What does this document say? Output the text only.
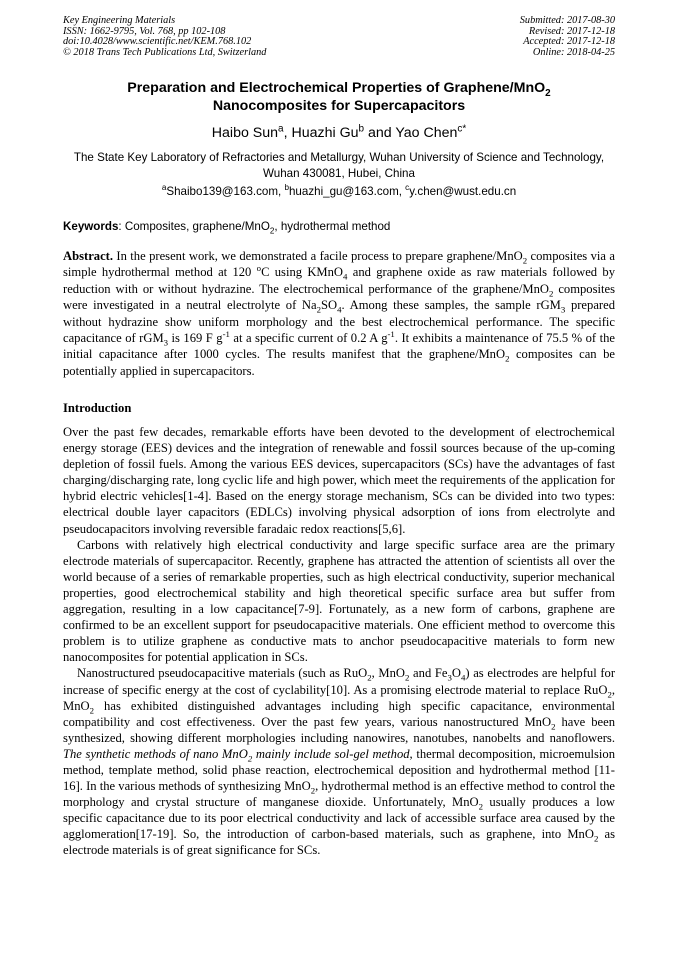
Key Engineering Materials
ISSN: 1662-9795, Vol. 768, pp 102-108
doi:10.4028/www.scientific.net/KEM.768.102
© 2018 Trans Tech Publications Ltd, Switzerland
Submitted: 2017-08-30
Revised: 2017-12-18
Accepted: 2017-12-18
Online: 2018-04-25
Preparation and Electrochemical Properties of Graphene/MnO$_2$
Nanocomposites for Supercapacitors
Haibo Sun$^a$, Huazhi Gu$^b$ and Yao Chen$^{c*}$
The State Key Laboratory of Refractories and Metallurgy, Wuhan University of Science and Technology, Wuhan 430081, Hubei, China
$^a$Shaibo139@163.com, $^b$huazhi_gu@163.com, $^c$y.chen@wust.edu.cn
Keywords: Composites, graphene/MnO$_2$, hydrothermal method
Abstract. In the present work, we demonstrated a facile process to prepare graphene/MnO$_2$ composites via a simple hydrothermal method at 120 $^o$C using KMnO$_4$ and graphene oxide as raw materials followed by reduction with or without hydrazine. The electrochemical performance of the graphene/MnO$_2$ composites were investigated in a neutral electrolyte of $Na_2SO_4$. Among these samples, the sample rGM$_3$ prepared without hydrazine show uniform morphology and the best electrochemical performance. The specific capacitance of rGM$_3$ is 169 F $g^{-1}$ at a specific current of 0.2 A $g^{-1}$. It exhibits a maintenance of 75.5 % of the initial capacitance after 1000 cycles. The results manifest that the graphene/MnO$_2$ composites can be potentially applied in supercapacitors.
Introduction

Over the past few decades, remarkable efforts have been devoted to the development of electrochemical energy storage (EES) devices and the integration of renewable and fossil sources because of the up-coming depletion of fossil fuels. Among the various EES devices, supercapacitors (SCs) have the advantages of fast charging/discharging rate, long cyclic life and high power, which meet the requirements of the application for hybrid electric vehicles[1-4]. Based on the energy storage mechanism, SCs can be divided into two types: electrical double layer capacitors (EDLCs) involving physical adsorption of ions from electrolyte and pseudocapacitors involving reversible faradaic redox reactions[5,6].

Carbons with relatively high electrical conductivity and large specific surface area are the primary electrode materials of supercapacitor. Recently, graphene has attracted the attention of scientists all over the world because of a series of remarkable properties, such as high electrical conductivity, superior mechanical properties, good electrochemical stability and high theoretical specific surface area but suffer from aggregation, resulting in a low capacitance[7-9]. Fortunately, as a new form of carbons, graphene are confirmed to be an excellent support for pseudocapacitive materials. One efficient method to overcome this problem is to utilize graphene as conductive mats to anchor pseudocapacitive materials to form new nanocomposites for potential application in SCs.

Nanostructured pseudocapacitive materials (such as RuO$_2$, MnO$_2$ and $Fe_3O_4$) as electrodes are helpful for increase of specific energy at the cost of cyclability[10]. As a promising electrode material to replace RuO$_2$, MnO$_2$ has exhibited distinguished advantages including high specific capacitance, environmental compatibility and cost effectiveness. Over the past few years, various nanostructured MnO$_2$ have been synthesized, showing different morphologies including nanowires, nanotubes, nanobelts and nanoflowers. The synthetic methods of nano MnO$_2$ mainly include sol-gel method, thermal decomposition, microemulsion method, template method, solid phase reaction, electrochemical deposition and hydrothermal method [11-16]. In the various methods of synthesizing MnO$_2$, hydrothermal method is an effective method to control the morphology and crystal structure of manganese dioxide. Unfortunately, MnO$_2$ usually produces a low specific capacitance due to its poor electrical conductivity and lack of accessible surface area caused by the agglomeration[17-19]. So, the introduction of carbon-based materials, such as graphene, into MnO$_2$ as electrode materials is of great significance for SCs.
